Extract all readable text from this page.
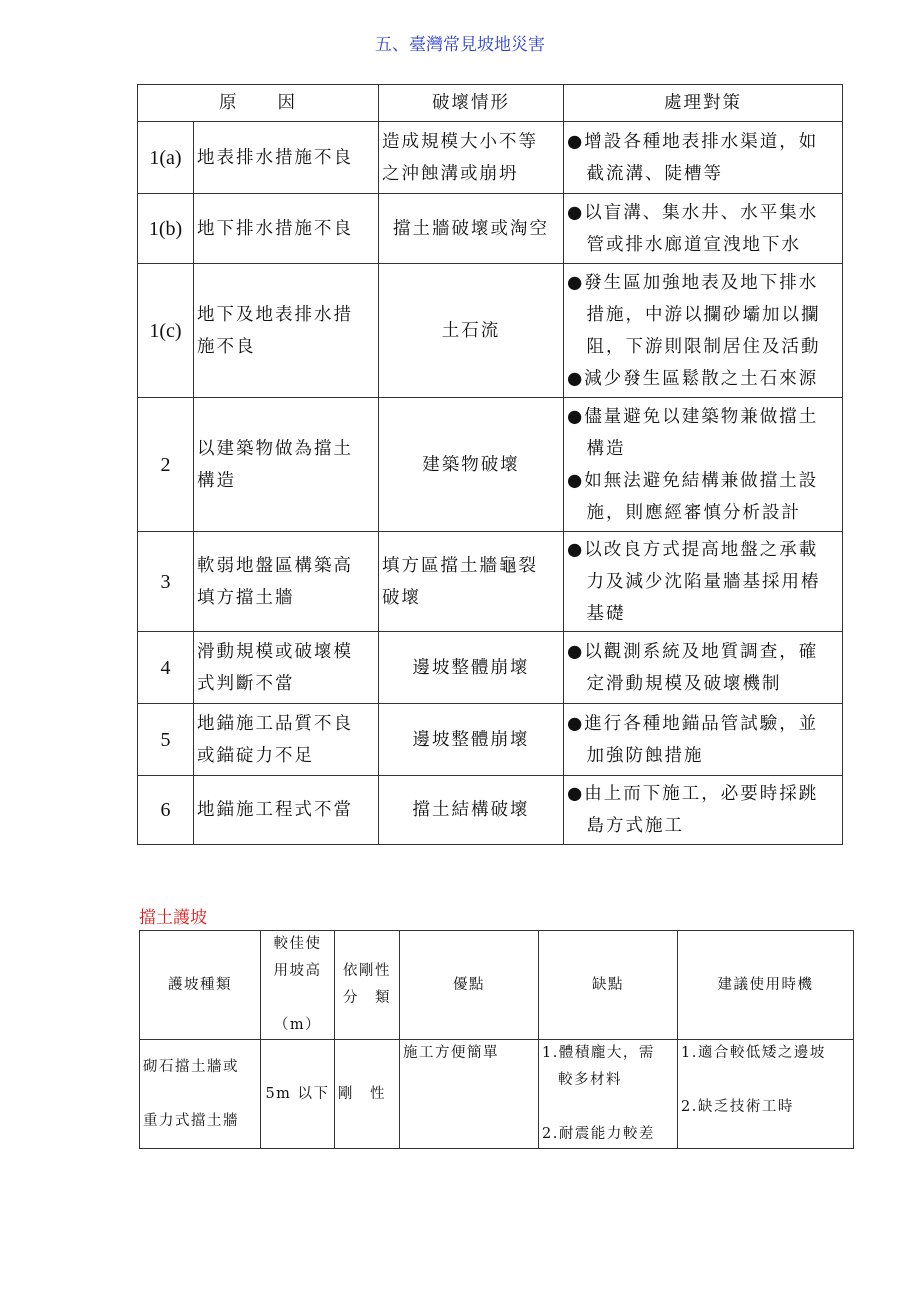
五、臺灣常見坡地災害
原　　因		破壞情形	處理對策
1(a)	地表排水措施不良	造成規模大小不等
之沖蝕溝或崩坍	●增設各種地表排水渠道，如
　截流溝、陡槽等
1(b)	地下排水措施不良	擋土牆破壞或淘空	●以盲溝、集水井、水平集水
　管或排水廊道宣洩地下水
1(c)	地下及地表排水措
施不良	土石流	●發生區加強地表及地下排水
　措施，中游以攔砂壩加以攔
　阻，下游則限制居住及活動
●減少發生區鬆散之土石來源
2	以建築物做為擋土
構造	建築物破壞	●儘量避免以建築物兼做擋土
　構造
●如無法避免結構兼做擋土設
　施，則應經審慎分析設計
3	軟弱地盤區構築高
填方擋土牆	填方區擋土牆龜裂
破壞	●以改良方式提高地盤之承載
　力及減少沈陷量牆基採用樁
　基礎
4	滑動規模或破壞模
式判斷不當	邊坡整體崩壞	●以觀測系統及地質調查，確
　定滑動規模及破壞機制
5	地錨施工品質不良
或錨碇力不足	邊坡整體崩壞	●進行各種地錨品管試驗，並
　加強防蝕措施
6	地錨施工程式不當	擋土結構破壞	●由上而下施工，必要時採跳
　島方式施工
擋土護坡
護坡種類	較佳使
用坡高

（m）	依剛性
分　類	優點	缺點	建議使用時機
砌石擋土牆或

重力式擋土牆	5m 以下	剛　性	施工方便簡單	1.體積龐大，需
　較多材料

2.耐震能力較差	1.適合較低矮之邊坡

2.缺乏技術工時
